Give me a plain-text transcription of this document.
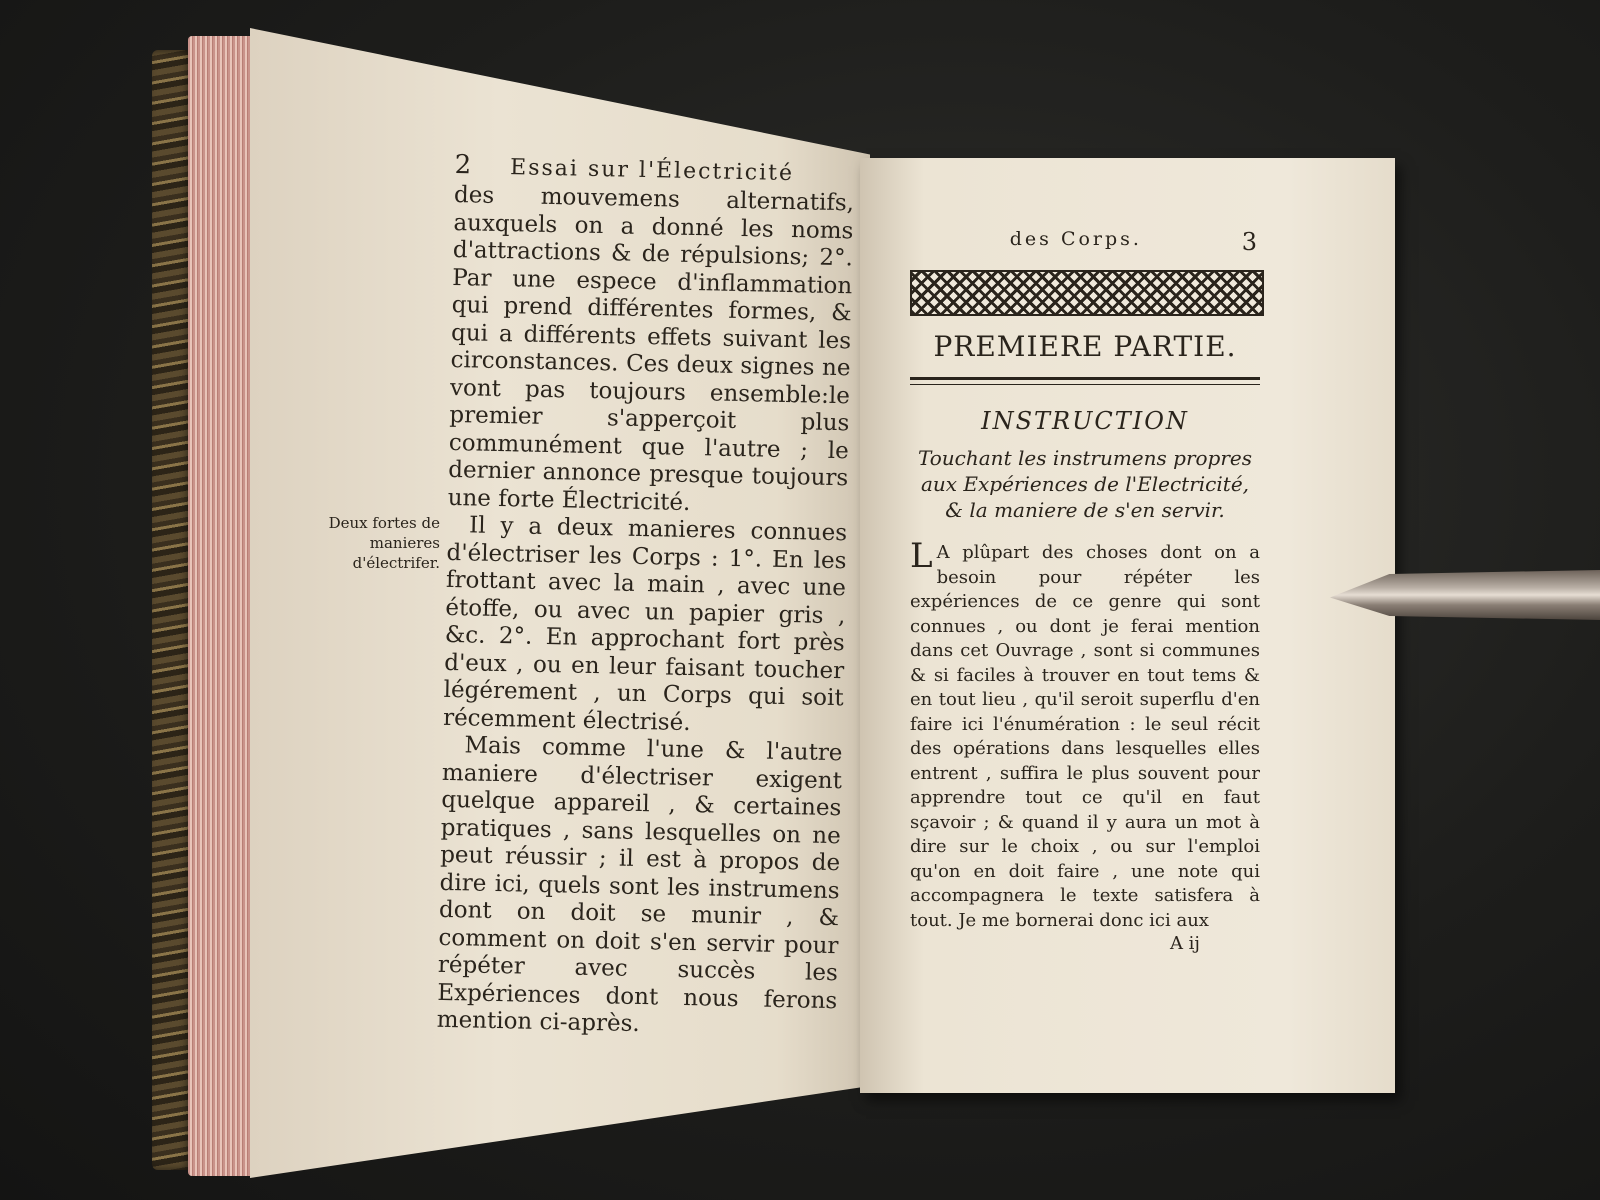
Deux fortes de manieres d'électrifer.
2 Essai sur l'Électricité

des mouvemens alternatifs, auxquels on a donné les noms d'attractions & de répulsions; 2°. Par une espece d'inflammation qui prend différentes formes, & qui a différents effets suivant les circonstances. Ces deux signes ne vont pas toujours ensemble:le premier s'apperçoit plus communément que l'autre ; le dernier annonce presque toujours une forte Électricité.

Il y a deux manieres connues d'électriser les Corps : 1°. En les frottant avec la main , avec une étoffe, ou avec un papier gris , &c. 2°. En approchant fort près d'eux , ou en leur faisant toucher légérement , un Corps qui soit récemment électrisé.

Mais comme l'une & l'autre maniere d'électriser exigent quelque appareil , & certaines pratiques , sans lesquelles on ne peut réussir ; il est à propos de dire ici, quels sont les instrumens dont on doit se munir , & comment on doit s'en servir pour répéter avec succès les Expériences dont nous ferons mention ci-après.

des Corps.	3
PREMIERE PARTIE.
INSTRUCTION
Touchant les instrumens propres aux Expériences de l'Electricité, & la maniere de s'en servir.
L A plûpart des choses dont on a besoin pour répéter les expériences de ce genre qui sont connues , ou dont je ferai mention dans cet Ouvrage , sont si communes & si faciles à trouver en tout tems & en tout lieu , qu'il seroit superflu d'en faire ici l'énumération : le seul récit des opérations dans lesquelles elles entrent , suffira le plus souvent pour apprendre tout ce qu'il en faut sçavoir ; & quand il y aura un mot à dire sur le choix , ou sur l'emploi qu'on en doit faire , une note qui accompagnera le texte satisfera à tout. Je me bornerai donc ici aux
A ij
